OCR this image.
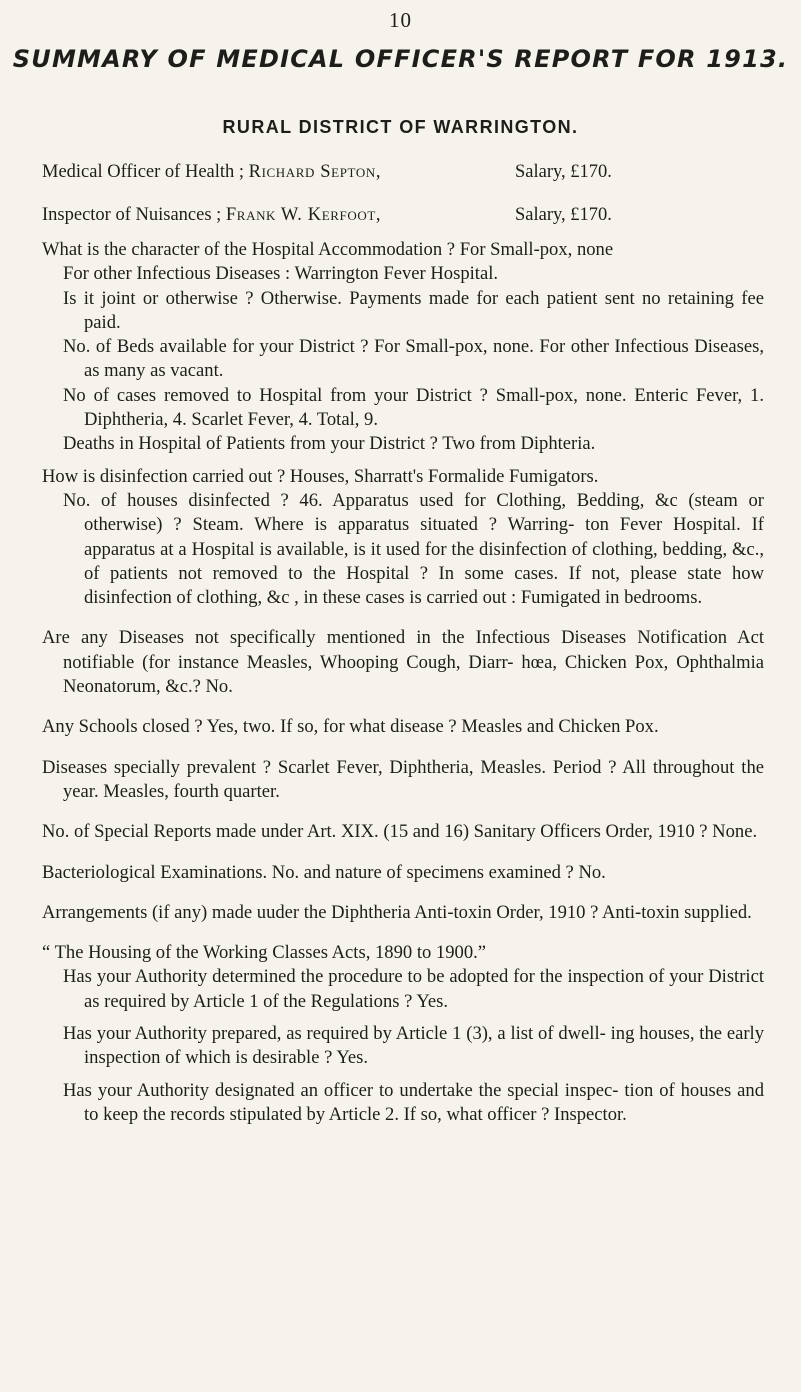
10
SUMMARY OF MEDICAL OFFICER'S REPORT FOR 1913.
RURAL DISTRICT OF WARRINGTON.
Medical Officer of Health ; Richard Septon,	Salary, £170.
Inspector of Nuisances ; Frank W. Kerfoot,	Salary, £170.

What is the character of the Hospital Accommodation ? For Small-pox, none

For other Infectious Diseases : Warrington Fever Hospital.

Is it joint or otherwise ? Otherwise. Payments made for each patient sent no retaining fee paid.

No. of Beds available for your District ? For Small-pox, none. For other Infectious Diseases, as many as vacant.

No of cases removed to Hospital from your District ? Small-pox, none. Enteric Fever, 1. Diphtheria, 4. Scarlet Fever, 4. Total, 9.

Deaths in Hospital of Patients from your District ? Two from Diphteria.

How is disinfection carried out ? Houses, Sharratt's Formalide Fumigators.

No. of houses disinfected ? 46. Apparatus used for Clothing, Bedding, &c (steam or otherwise) ? Steam. Where is apparatus situated ? Warring- ton Fever Hospital. If apparatus at a Hospital is available, is it used for the disinfection of clothing, bedding, &c., of patients not removed to the Hospital ? In some cases. If not, please state how disinfection of clothing, &c , in these cases is carried out : Fumigated in bedrooms.

Are any Diseases not specifically mentioned in the Infectious Diseases Notification Act notifiable (for instance Measles, Whooping Cough, Diarr- hœa, Chicken Pox, Ophthalmia Neonatorum, &c.? No.

Any Schools closed ? Yes, two. If so, for what disease ? Measles and Chicken Pox.

Diseases specially prevalent ? Scarlet Fever, Diphtheria, Measles. Period ? All throughout the year. Measles, fourth quarter.

No. of Special Reports made under Art. XIX. (15 and 16) Sanitary Officers Order, 1910 ? None.

Bacteriological Examinations. No. and nature of specimens examined ? No.

Arrangements (if any) made uuder the Diphtheria Anti-toxin Order, 1910 ? Anti-toxin supplied.

“ The Housing of the Working Classes Acts, 1890 to 1900.”

Has your Authority determined the procedure to be adopted for the inspection of your District as required by Article 1 of the Regulations ? Yes.

Has your Authority prepared, as required by Article 1 (3), a list of dwell- ing houses, the early inspection of which is desirable ? Yes.

Has your Authority designated an officer to undertake the special inspec- tion of houses and to keep the records stipulated by Article 2. If so, what officer ? Inspector.
